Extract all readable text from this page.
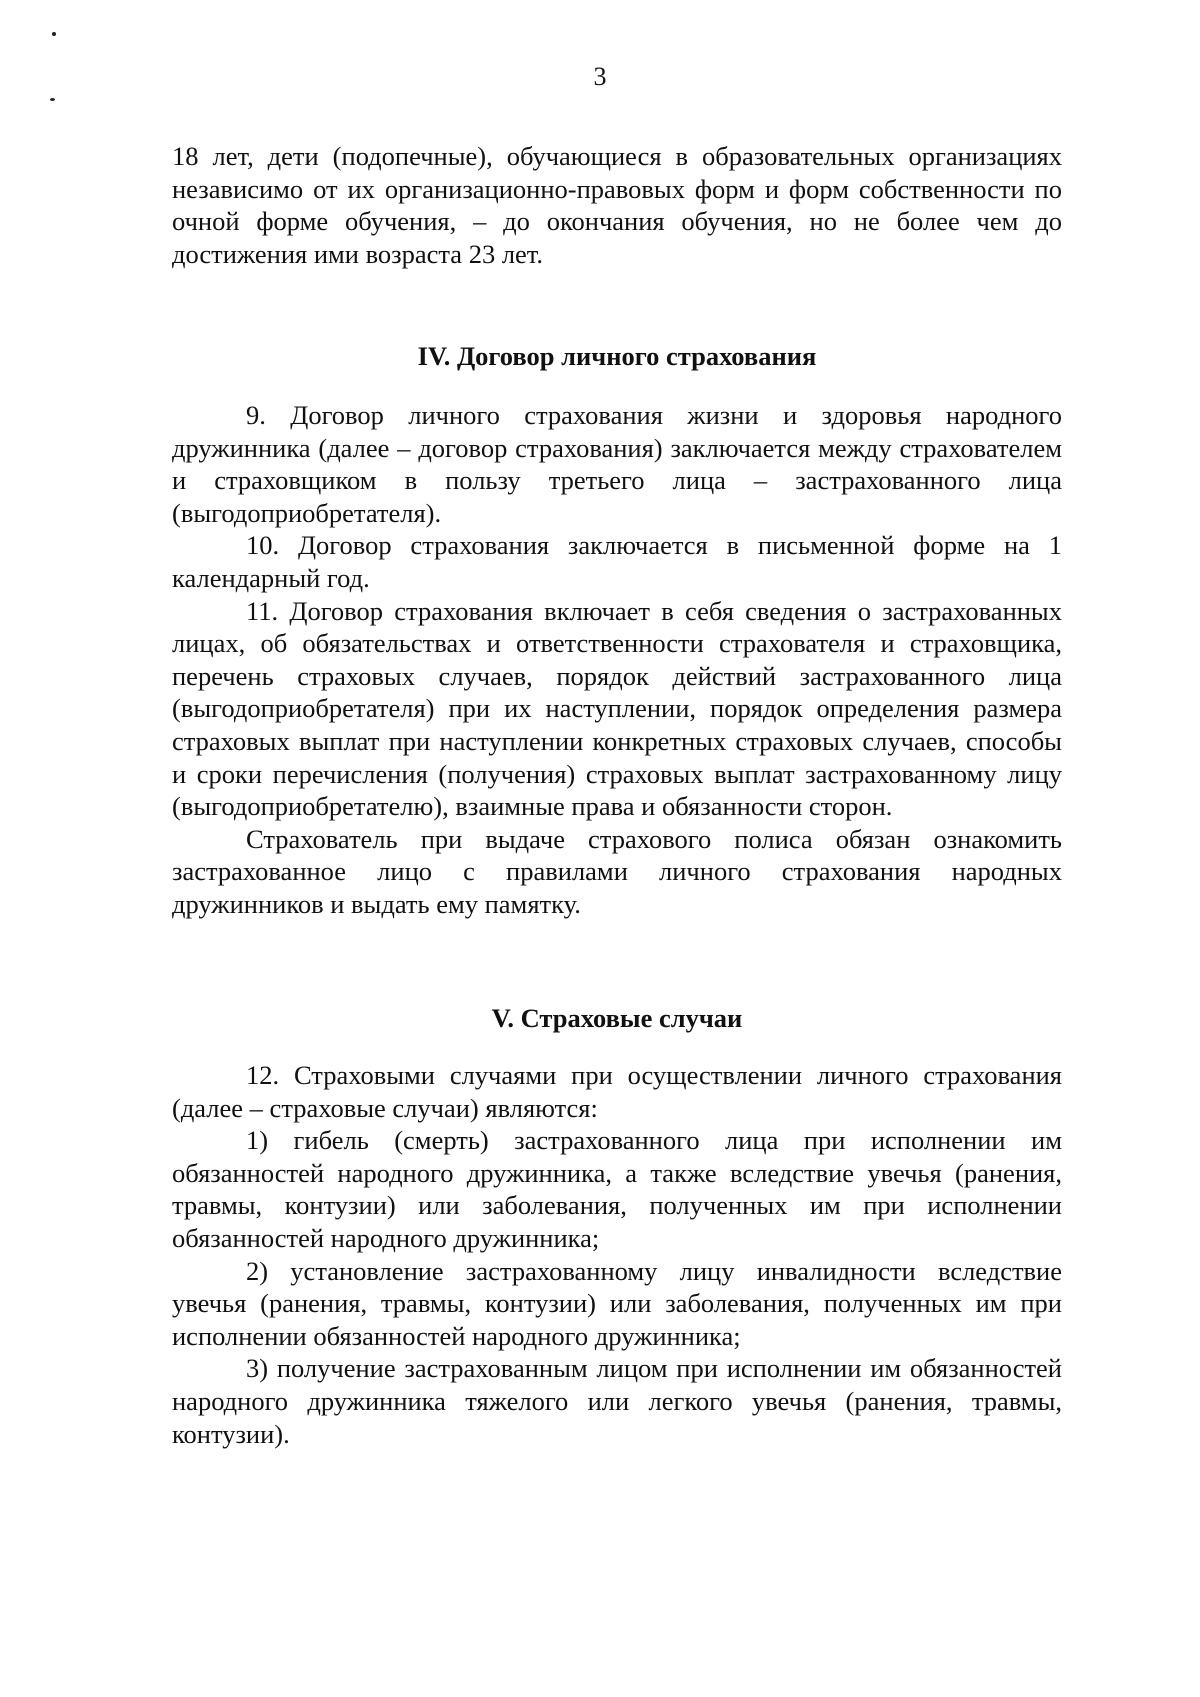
3

18 лет, дети (подопечные), обучающиеся в образовательных организациях независимо от их организационно-правовых форм и форм собственности по очной форме обучения, – до окончания обучения, но не более чем до достижения ими возраста 23 лет.

IV. Договор личного страхования

9. Договор личного страхования жизни и здоровья народного дружинника (далее – договор страхования) заключается между страхователем и страховщиком в пользу третьего лица – застрахованного лица (выгодоприобретателя).

10. Договор страхования заключается в письменной форме на 1 календарный год.

11. Договор страхования включает в себя сведения о застрахованных лицах, об обязательствах и ответственности страхователя и страховщика, перечень страховых случаев, порядок действий застрахованного лица (выгодоприобретателя) при их наступлении, порядок определения размера страховых выплат при наступлении конкретных страховых случаев, способы и сроки перечисления (получения) страховых выплат застрахованному лицу (выгодоприобретателю), взаимные права и обязанности сторон.

Страхователь при выдаче страхового полиса обязан ознакомить застрахованное лицо с правилами личного страхования народных дружинников и выдать ему памятку.

V. Страховые случаи

12. Страховыми случаями при осуществлении личного страхования (далее – страховые случаи) являются:

1) гибель (смерть) застрахованного лица при исполнении им обязанностей народного дружинника, а также вследствие увечья (ранения, травмы, контузии) или заболевания, полученных им при исполнении обязанностей народного дружинника;

2) установление застрахованному лицу инвалидности вследствие увечья (ранения, травмы, контузии) или заболевания, полученных им при исполнении обязанностей народного дружинника;

3) получение застрахованным лицом при исполнении им обязанностей народного дружинника тяжелого или легкого увечья (ранения, травмы, контузии).
